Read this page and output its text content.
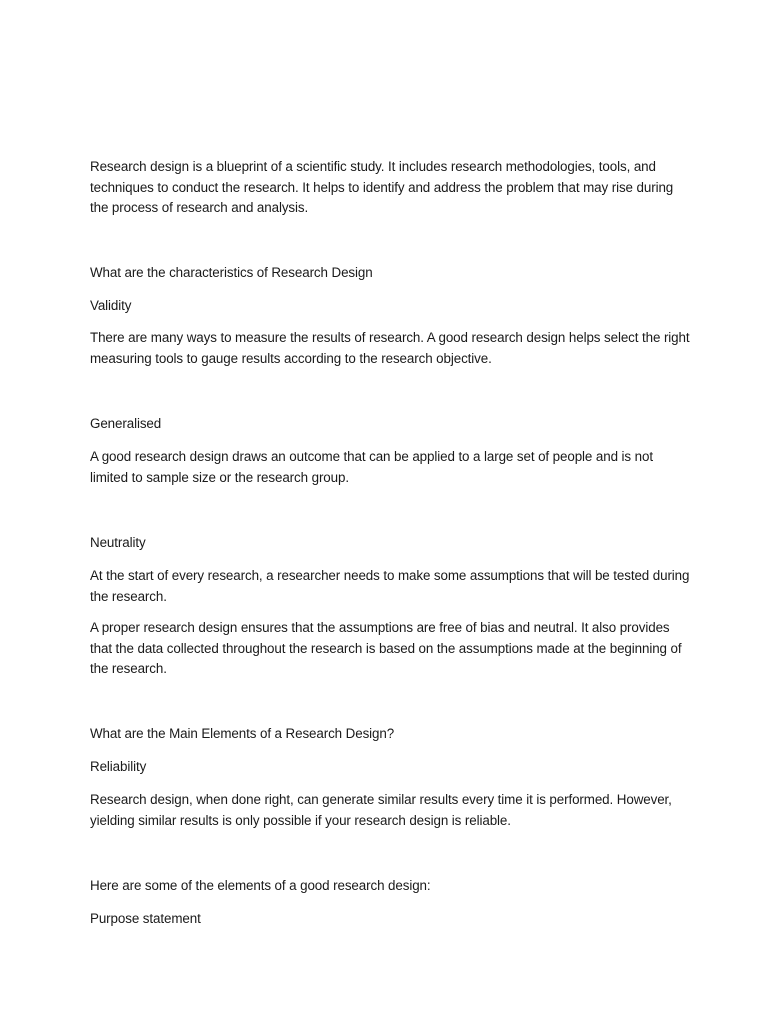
Research design is a blueprint of a scientific study. It includes research methodologies, tools, and techniques to conduct the research. It helps to identify and address the problem that may rise during the process of research and analysis.

What are the characteristics of Research Design

Validity

There are many ways to measure the results of research. A good research design helps select the right measuring tools to gauge results according to the research objective.

Generalised

A good research design draws an outcome that can be applied to a large set of people and is not limited to sample size or the research group.

Neutrality

At the start of every research, a researcher needs to make some assumptions that will be tested during the research.

A proper research design ensures that the assumptions are free of bias and neutral. It also provides that the data collected throughout the research is based on the assumptions made at the beginning of the research.

What are the Main Elements of a Research Design?

Reliability

Research design, when done right, can generate similar results every time it is performed. However, yielding similar results is only possible if your research design is reliable.

Here are some of the elements of a good research design:

Purpose statement
